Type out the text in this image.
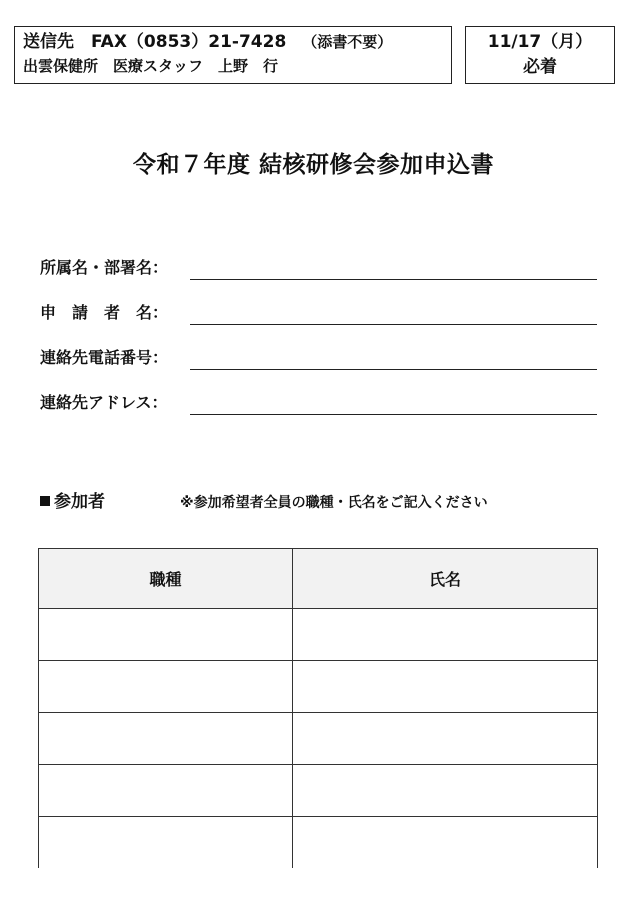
送信先　FAX（0853）21-7428 （添書不要）
出雲保健所　医療スタッフ　上野　行
11/17（月）
必着
令和７年度 結核研修会参加申込書
所属名・部署名：
申　請　者　名：
連絡先電話番号：
連絡先アドレス：
参加者	※参加希望者全員の職種・氏名をご記入ください
職種	氏名
